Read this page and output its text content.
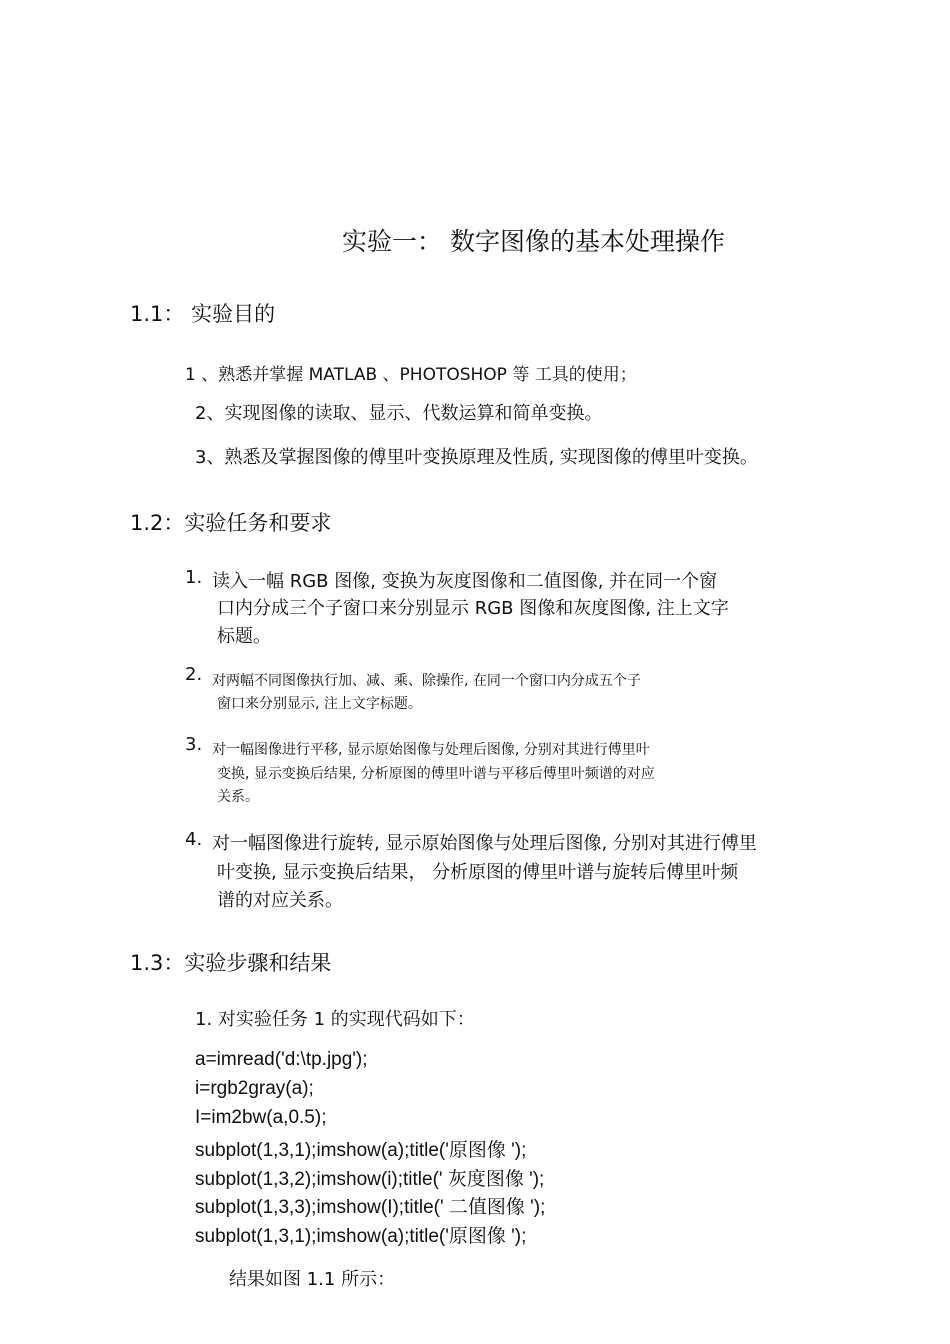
实验一： 数字图像的基本处理操作
1.1： 实验目的
1 、熟悉并掌握 MATLAB 、PHOTOSHOP 等 工具的使用；
2、实现图像的读取、显示、代数运算和简单变换。
3、熟悉及掌握图像的傅里叶变换原理及性质, 实现图像的傅里叶变换。
1.2：实验任务和要求
1. 读入一幅 RGB 图像, 变换为灰度图像和二值图像, 并在同一个窗
口内分成三个子窗口来分别显示 RGB 图像和灰度图像, 注上文字
标题。
2. 对两幅不同图像执行加、减、乘、除操作, 在同一个窗口内分成五个子
窗口来分别显示, 注上文字标题。
3. 对一幅图像进行平移, 显示原始图像与处理后图像, 分别对其进行傅里叶
变换, 显示变换后结果, 分析原图的傅里叶谱与平移后傅里叶频谱的对应
关系。
4. 对一幅图像进行旋转, 显示原始图像与处理后图像, 分别对其进行傅里
叶变换, 显示变换后结果， 分析原图的傅里叶谱与旋转后傅里叶频
谱的对应关系。
1.3：实验步骤和结果
1. 对实验任务 1 的实现代码如下：
a=imread('d:\tp.jpg');
i=rgb2gray(a);
I=im2bw(a,0.5);
subplot(1,3,1);imshow(a);title('原图像 ');
subplot(1,3,2);imshow(i);title(' 灰度图像 ');
subplot(1,3,3);imshow(I);title(' 二值图像 ');
subplot(1,3,1);imshow(a);title('原图像 ');
结果如图 1.1 所示：
